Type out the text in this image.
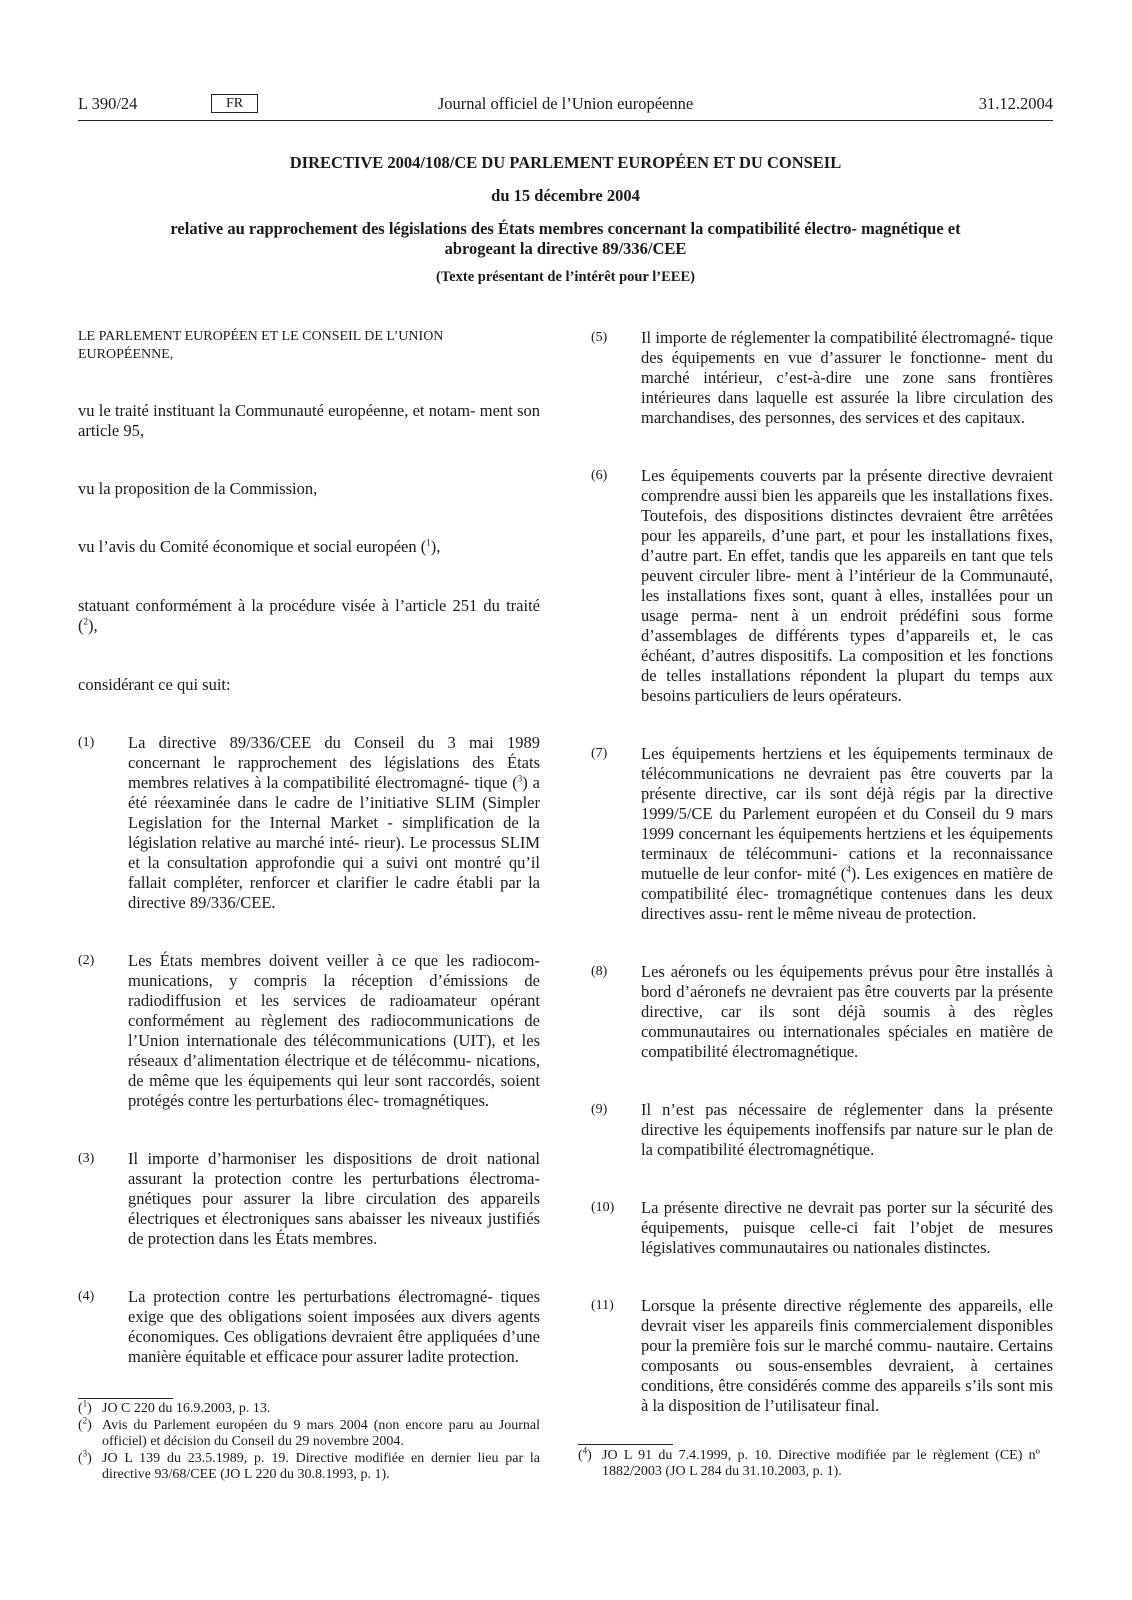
L 390/24	FR	Journal officiel de l’Union européenne	31.12.2004
DIRECTIVE 2004/108/CE DU PARLEMENT EUROPÉEN ET DU CONSEIL
du 15 décembre 2004
relative au rapprochement des législations des États membres concernant la compatibilité électro- magnétique et abrogeant la directive 89/336/CEE
(Texte présentant de l’intérêt pour l’EEE)

LE PARLEMENT EUROPÉEN ET LE CONSEIL DE L’UNION EUROPÉENNE,

vu le traité instituant la Communauté européenne, et notam- ment son article 95,

vu la proposition de la Commission,

vu l’avis du Comité économique et social européen ($^1$),

statuant conformément à la procédure visée à l’article 251 du traité ($^2$),

considérant ce qui suit:

(1) La directive 89/336/CEE du Conseil du 3 mai 1989 concernant le rapprochement des législations des États membres relatives à la compatibilité électromagné- tique ($^3$) a été réexaminée dans le cadre de l’initiative SLIM (Simpler Legislation for the Internal Market - simplification de la législation relative au marché inté- rieur). Le processus SLIM et la consultation approfondie qui a suivi ont montré qu’il fallait compléter, renforcer et clarifier le cadre établi par la directive 89/336/CEE.
(2) Les États membres doivent veiller à ce que les radiocom- munications, y compris la réception d’émissions de radiodiffusion et les services de radioamateur opérant conformément au règlement des radiocommunications de l’Union internationale des télécommunications (UIT), et les réseaux d’alimentation électrique et de télécommu- nications, de même que les équipements qui leur sont raccordés, soient protégés contre les perturbations élec- tromagnétiques.
(3) Il importe d’harmoniser les dispositions de droit national assurant la protection contre les perturbations électroma- gnétiques pour assurer la libre circulation des appareils électriques et électroniques sans abaisser les niveaux justifiés de protection dans les États membres.
(4) La protection contre les perturbations électromagné- tiques exige que des obligations soient imposées aux divers agents économiques. Ces obligations devraient être appliquées d’une manière équitable et efficace pour assurer ladite protection.
(5) Il importe de réglementer la compatibilité électromagné- tique des équipements en vue d’assurer le fonctionne- ment du marché intérieur, c’est-à-dire une zone sans frontières intérieures dans laquelle est assurée la libre circulation des marchandises, des personnes, des services et des capitaux.
(6) Les équipements couverts par la présente directive devraient comprendre aussi bien les appareils que les installations fixes. Toutefois, des dispositions distinctes devraient être arrêtées pour les appareils, d’une part, et pour les installations fixes, d’autre part. En effet, tandis que les appareils en tant que tels peuvent circuler libre- ment à l’intérieur de la Communauté, les installations fixes sont, quant à elles, installées pour un usage perma- nent à un endroit prédéfini sous forme d’assemblages de différents types d’appareils et, le cas échéant, d’autres dispositifs. La composition et les fonctions de telles installations répondent la plupart du temps aux besoins particuliers de leurs opérateurs.
(7) Les équipements hertziens et les équipements terminaux de télécommunications ne devraient pas être couverts par la présente directive, car ils sont déjà régis par la directive 1999/5/CE du Parlement européen et du Conseil du 9 mars 1999 concernant les équipements hertziens et les équipements terminaux de télécommuni- cations et la reconnaissance mutuelle de leur confor- mité ($^4$). Les exigences en matière de compatibilité élec- tromagnétique contenues dans les deux directives assu- rent le même niveau de protection.
(8) Les aéronefs ou les équipements prévus pour être installés à bord d’aéronefs ne devraient pas être couverts par la présente directive, car ils sont déjà soumis à des règles communautaires ou internationales spéciales en matière de compatibilité électromagnétique.
(9) Il n’est pas nécessaire de réglementer dans la présente directive les équipements inoffensifs par nature sur le plan de la compatibilité électromagnétique.
(10) La présente directive ne devrait pas porter sur la sécurité des équipements, puisque celle-ci fait l’objet de mesures législatives communautaires ou nationales distinctes.
(11) Lorsque la présente directive réglemente des appareils, elle devrait viser les appareils finis commercialement disponibles pour la première fois sur le marché commu- nautaire. Certains composants ou sous-ensembles devraient, à certaines conditions, être considérés comme des appareils s’ils sont mis à la disposition de l’utilisateur final.
($^1$) JO C 220 du 16.9.2003, p. 13.
($^2$) Avis du Parlement européen du 9 mars 2004 (non encore paru au Journal officiel) et décision du Conseil du 29 novembre 2004.
($^3$) JO L 139 du 23.5.1989, p. 19. Directive modifiée en dernier lieu par la directive 93/68/CEE (JO L 220 du 30.8.1993, p. 1).
($^4$) JO L 91 du 7.4.1999, p. 10. Directive modifiée par le règlement (CE) nº 1882/2003 (JO L 284 du 31.10.2003, p. 1).
